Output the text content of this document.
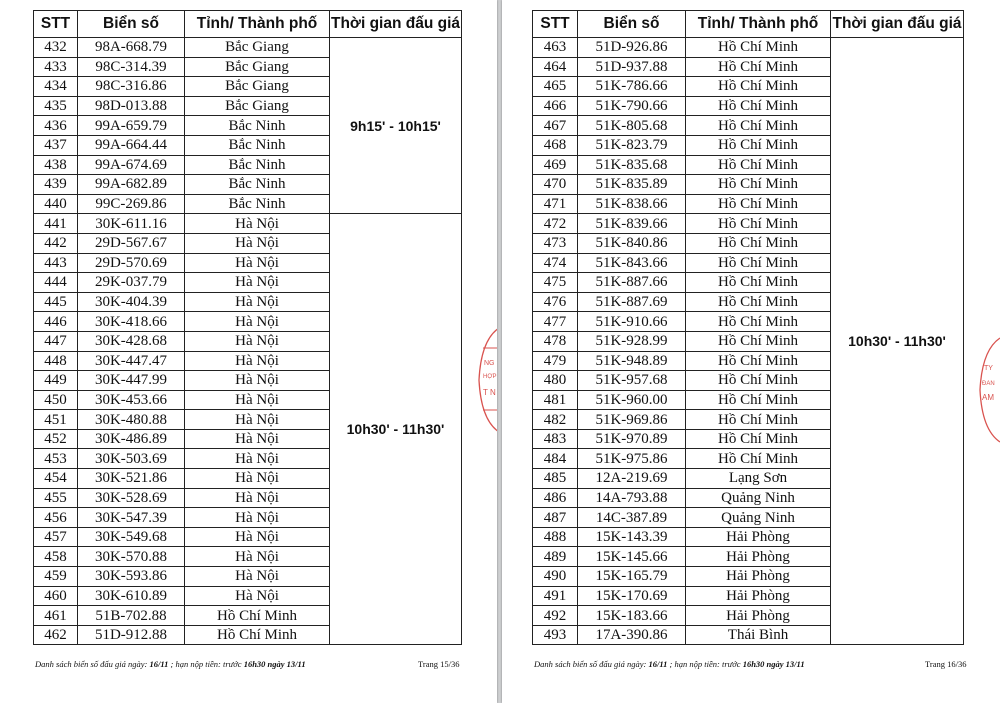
STT	Biển số	Tỉnh/ Thành phố	Thời gian đấu giá
432	98A-668.79	Bắc Giang	9h15' - 10h15'
433	98C-314.39	Bắc Giang	
434	98C-316.86	Bắc Giang	
435	98D-013.88	Bắc Giang	
436	99A-659.79	Bắc Ninh	
437	99A-664.44	Bắc Ninh	
438	99A-674.69	Bắc Ninh	
439	99A-682.89	Bắc Ninh	
440	99C-269.86	Bắc Ninh	
441	30K-611.16	Hà Nội	10h30' - 11h30'
442	29D-567.67	Hà Nội	
443	29D-570.69	Hà Nội	
444	29K-037.79	Hà Nội	
445	30K-404.39	Hà Nội	
446	30K-418.66	Hà Nội	
447	30K-428.68	Hà Nội	
448	30K-447.47	Hà Nội	
449	30K-447.99	Hà Nội	
450	30K-453.66	Hà Nội	
451	30K-480.88	Hà Nội	
452	30K-486.89	Hà Nội	
453	30K-503.69	Hà Nội	
454	30K-521.86	Hà Nội	
455	30K-528.69	Hà Nội	
456	30K-547.39	Hà Nội	
457	30K-549.68	Hà Nội	
458	30K-570.88	Hà Nội	
459	30K-593.86	Hà Nội	
460	30K-610.89	Hà Nội	
461	51B-702.88	Hồ Chí Minh	
462	51D-912.88	Hồ Chí Minh	
Danh sách biển số đấu giá ngày: 16/11 ; hạn nộp tiền: trước 16h30 ngày 13/11	Trang 15/36
NG
HỢP
T N
STT	Biển số	Tỉnh/ Thành phố	Thời gian đấu giá
463	51D-926.86	Hồ Chí Minh	10h30' - 11h30'
464	51D-937.88	Hồ Chí Minh	
465	51K-786.66	Hồ Chí Minh	
466	51K-790.66	Hồ Chí Minh	
467	51K-805.68	Hồ Chí Minh	
468	51K-823.79	Hồ Chí Minh	
469	51K-835.68	Hồ Chí Minh	
470	51K-835.89	Hồ Chí Minh	
471	51K-838.66	Hồ Chí Minh	
472	51K-839.66	Hồ Chí Minh	
473	51K-840.86	Hồ Chí Minh	
474	51K-843.66	Hồ Chí Minh	
475	51K-887.66	Hồ Chí Minh	
476	51K-887.69	Hồ Chí Minh	
477	51K-910.66	Hồ Chí Minh	
478	51K-928.99	Hồ Chí Minh	
479	51K-948.89	Hồ Chí Minh	
480	51K-957.68	Hồ Chí Minh	
481	51K-960.00	Hồ Chí Minh	
482	51K-969.86	Hồ Chí Minh	
483	51K-970.89	Hồ Chí Minh	
484	51K-975.86	Hồ Chí Minh	
485	12A-219.69	Lạng Sơn	
486	14A-793.88	Quảng Ninh	
487	14C-387.89	Quảng Ninh	
488	15K-143.39	Hải Phòng	
489	15K-145.66	Hải Phòng	
490	15K-165.79	Hải Phòng	
491	15K-170.69	Hải Phòng	
492	15K-183.66	Hải Phòng	
493	17A-390.86	Thái Bình	
Danh sách biển số đấu giá ngày: 16/11 ; hạn nộp tiền: trước 16h30 ngày 13/11	Trang 16/36
TY
ĐAN
AM
